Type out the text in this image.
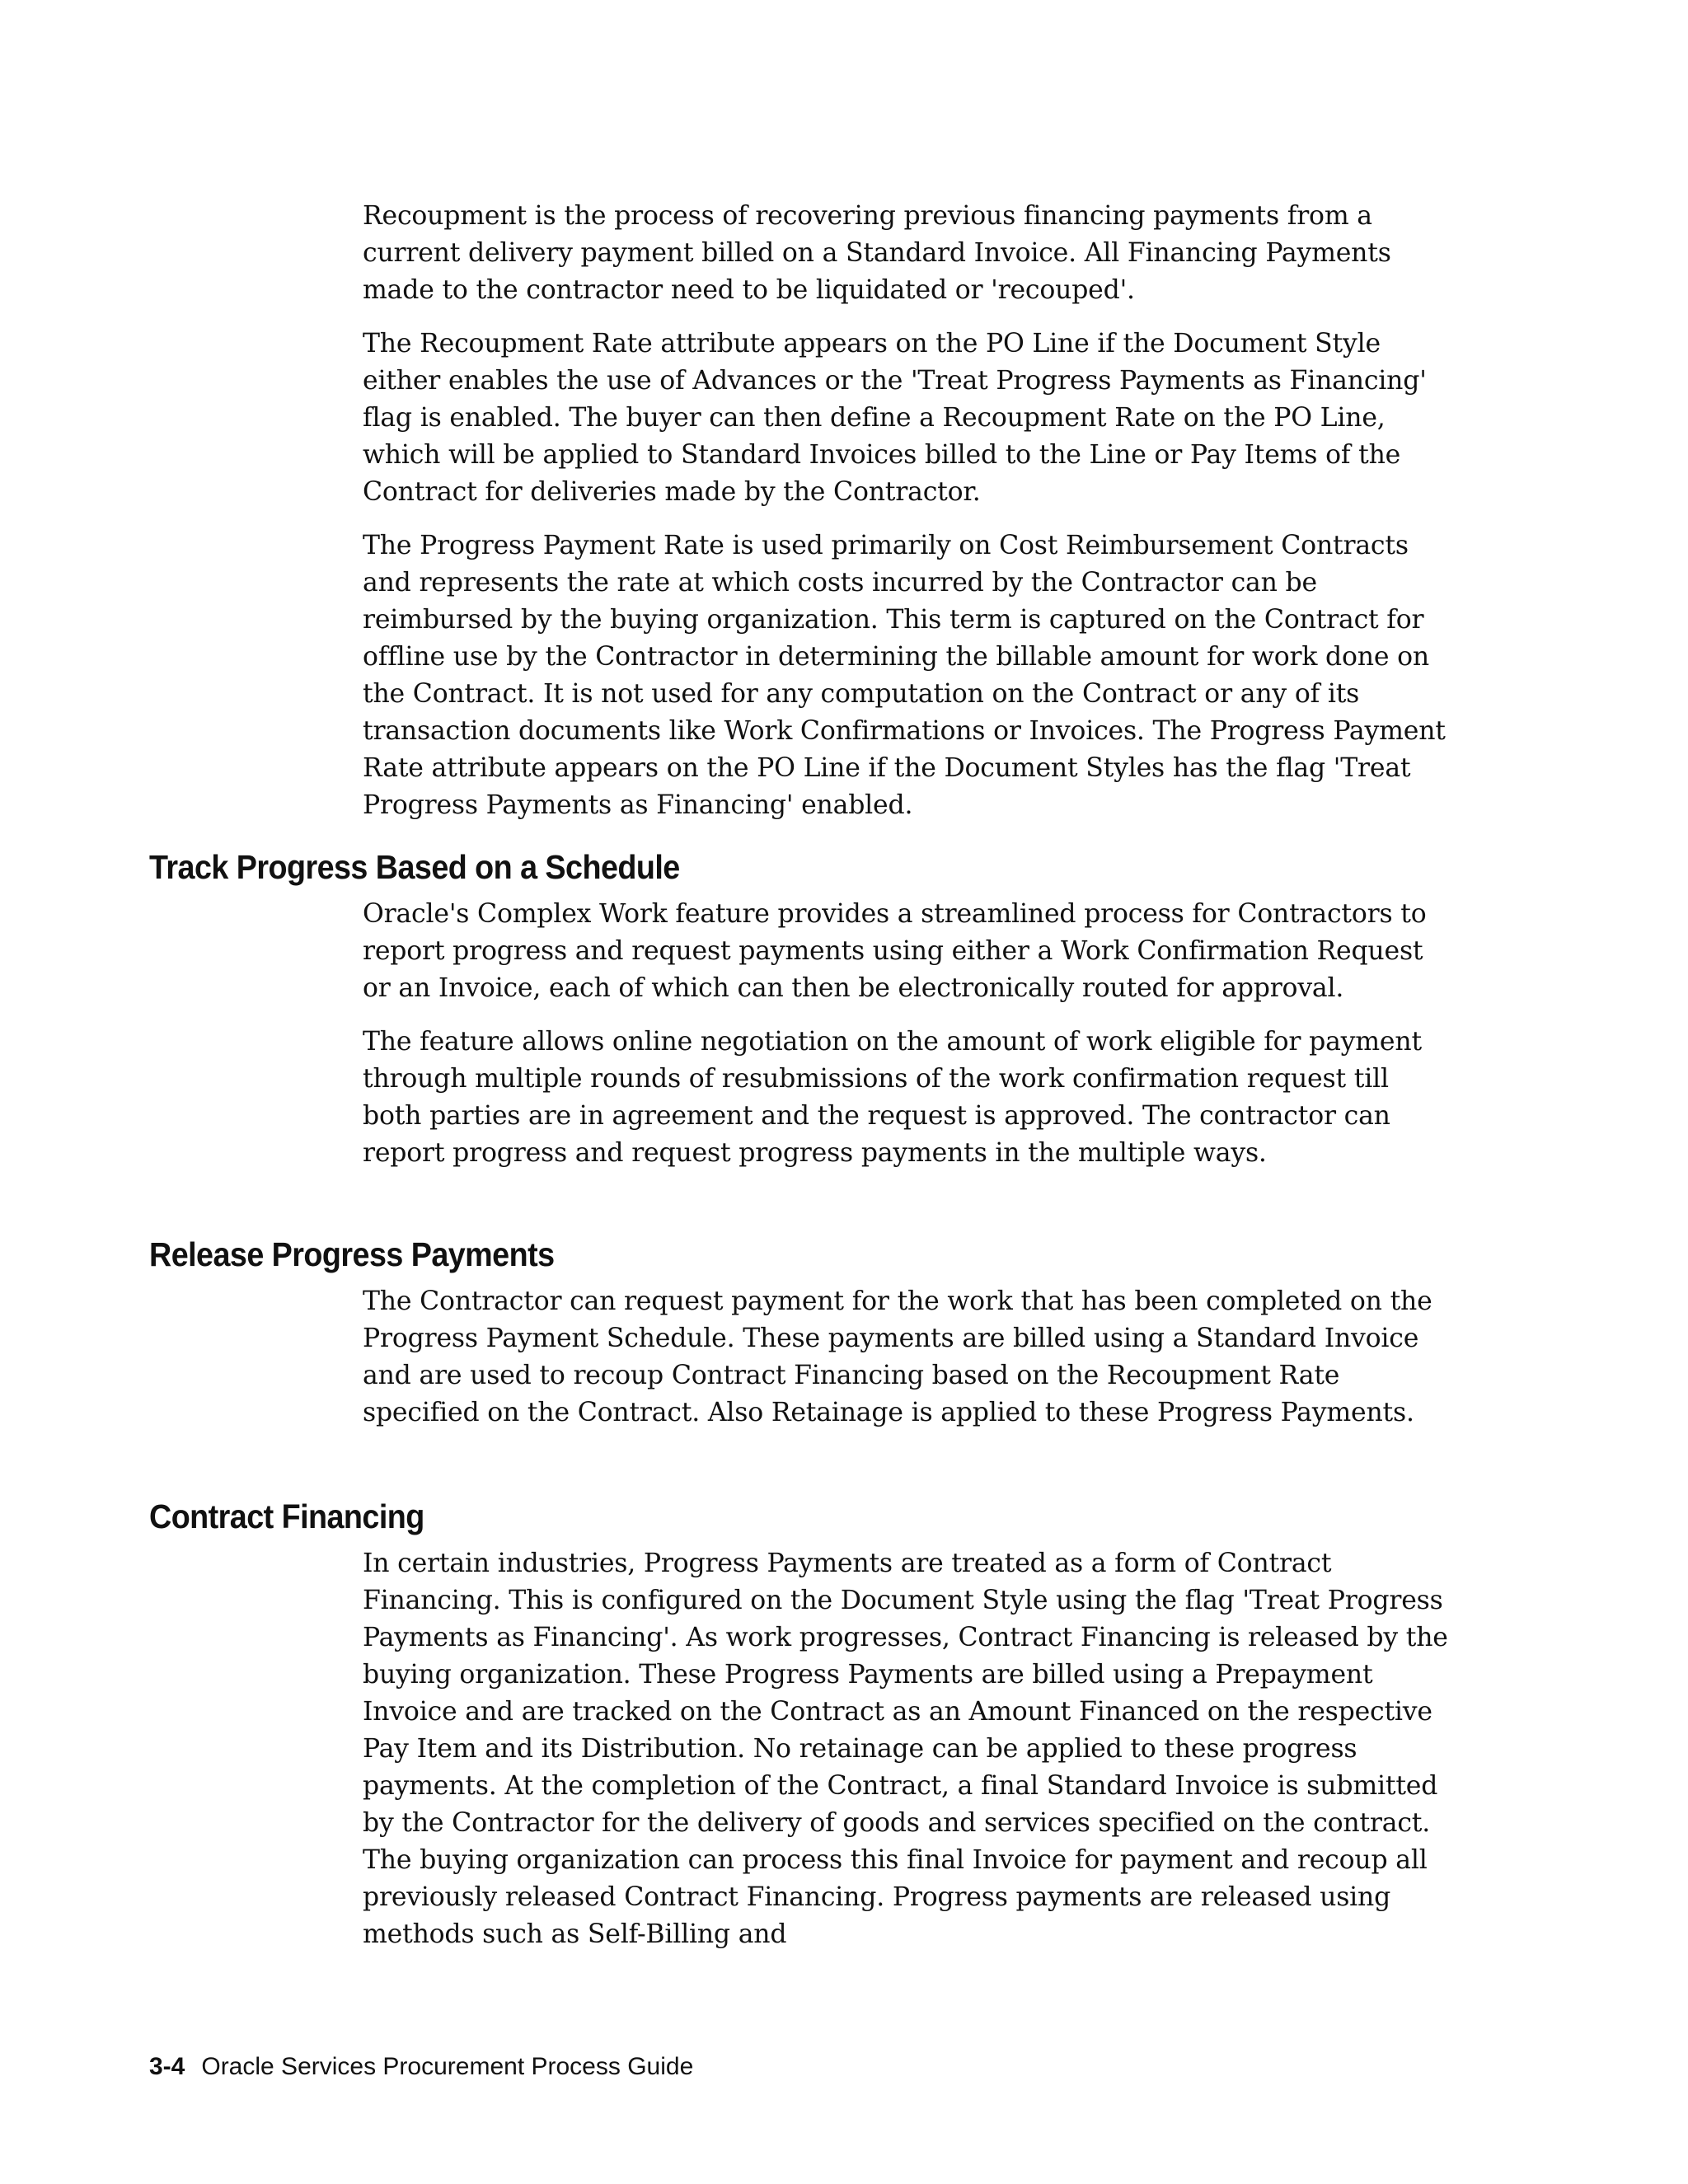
Recoupment is the process of recovering previous financing payments from a current delivery payment billed on a Standard Invoice. All Financing Payments made to the contractor need to be liquidated or 'recouped'.

The Recoupment Rate attribute appears on the PO Line if the Document Style either enables the use of Advances or the 'Treat Progress Payments as Financing' flag is enabled. The buyer can then define a Recoupment Rate on the PO Line, which will be applied to Standard Invoices billed to the Line or Pay Items of the Contract for deliveries made by the Contractor.

The Progress Payment Rate is used primarily on Cost Reimbursement Contracts and represents the rate at which costs incurred by the Contractor can be reimbursed by the buying organization. This term is captured on the Contract for offline use by the Contractor in determining the billable amount for work done on the Contract. It is not used for any computation on the Contract or any of its transaction documents like Work Confirmations or Invoices. The Progress Payment Rate attribute appears on the PO Line if the Document Styles has the flag 'Treat Progress Payments as Financing' enabled.

Track Progress Based on a Schedule

Oracle's Complex Work feature provides a streamlined process for Contractors to report progress and request payments using either a Work Confirmation Request or an Invoice, each of which can then be electronically routed for approval.

The feature allows online negotiation on the amount of work eligible for payment through multiple rounds of resubmissions of the work confirmation request till both parties are in agreement and the request is approved. The contractor can report progress and request progress payments in the multiple ways.

Release Progress Payments

The Contractor can request payment for the work that has been completed on the Progress Payment Schedule. These payments are billed using a Standard Invoice and are used to recoup Contract Financing based on the Recoupment Rate specified on the Contract. Also Retainage is applied to these Progress Payments.

Contract Financing

In certain industries, Progress Payments are treated as a form of Contract Financing. This is configured on the Document Style using the flag 'Treat Progress Payments as Financing'. As work progresses, Contract Financing is released by the buying organization. These Progress Payments are billed using a Prepayment Invoice and are tracked on the Contract as an Amount Financed on the respective Pay Item and its Distribution. No retainage can be applied to these progress payments. At the completion of the Contract, a final Standard Invoice is submitted by the Contractor for the delivery of goods and services specified on the contract. The buying organization can process this final Invoice for payment and recoup all previously released Contract Financing. Progress payments are released using methods such as Self-Billing and

3-4 Oracle Services Procurement Process Guide
